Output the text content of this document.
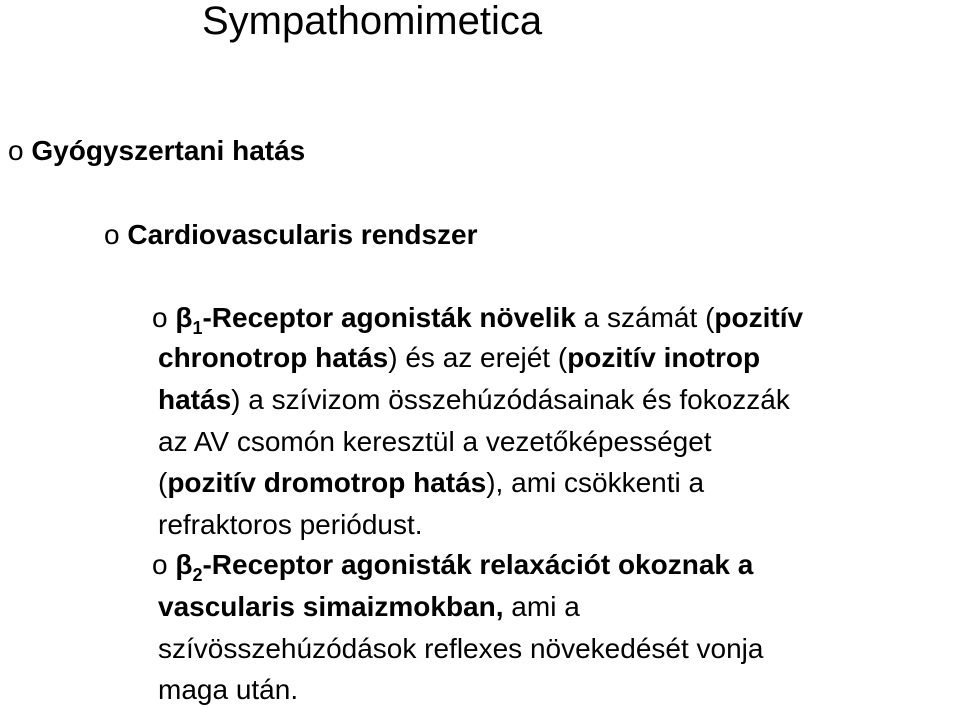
Sympathomimetica
o Gyógyszertani hatás
o Cardiovascularis rendszer
o $\beta_1$-Receptor agonisták növelik a számát (pozitív
chronotrop hatás) és az erejét (pozitív inotrop
hatás) a szívizom összehúzódásainak és fokozzák
az AV csomón keresztül a vezetőképességet
(pozitív dromotrop hatás), ami csökkenti a
refraktoros periódust.
o $\beta_2$-Receptor agonisták relaxációt okoznak a
vascularis simaizmokban, ami a
szívösszehúzódások reflexes növekedését vonja
maga után.
